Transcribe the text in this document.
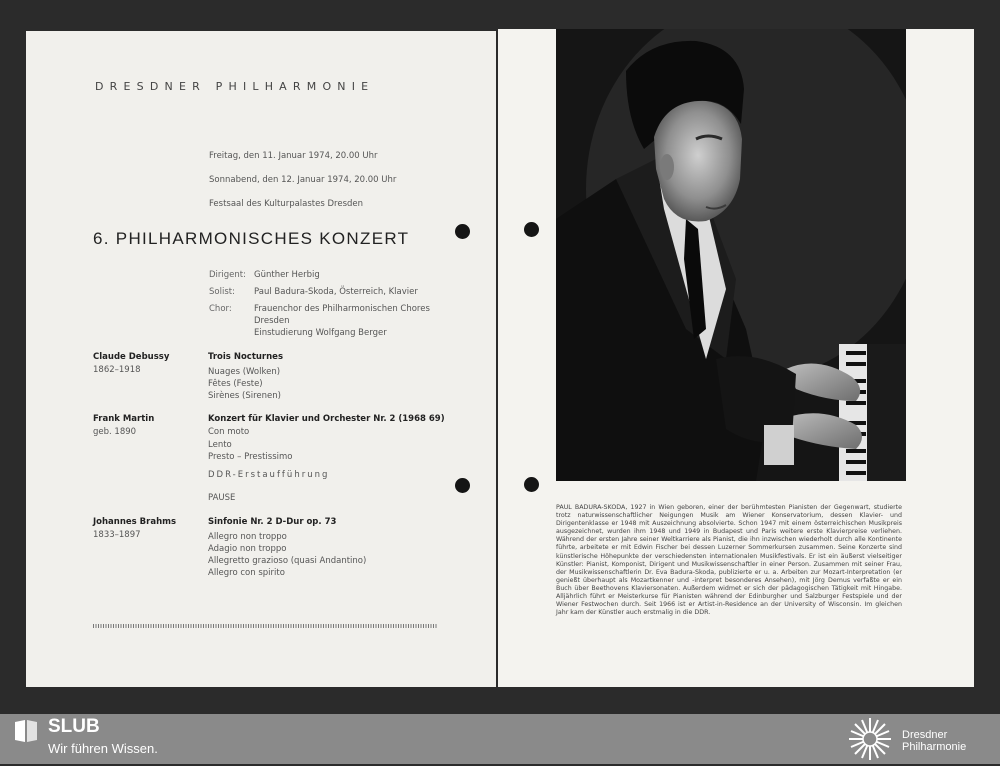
DRESDNER PHILHARMONIE
Freitag, den 11. Januar 1974, 20.00 Uhr
Sonnabend, den 12. Januar 1974, 20.00 Uhr
Festsaal des Kulturpalastes Dresden
6. PHILHARMONISCHES KONZERT
Dirigent: Günther Herbig
Solist: Paul Badura-Skoda, Österreich, Klavier
Chor:	Frauenchor des Philharmonischen Chores
Dresden
Einstudierung Wolfgang Berger
Claude Debussy
1862–1918
Trois Nocturnes
Nuages (Wolken)
Fêtes (Feste)
Sirènes (Sirenen)
Frank Martin
geb. 1890
Konzert für Klavier und Orchester Nr. 2 (1968 69)
Con moto
Lento
Presto – Prestissimo
DDR-Erstaufführung
PAUSE
Johannes Brahms
1833–1897
Sinfonie Nr. 2 D-Dur op. 73
Allegro non troppo
Adagio non troppo
Allegretto grazioso (quasi Andantino)
Allegro con spirito
PAUL BADURA-SKODA, 1927 in Wien geboren, einer der berühmtesten Pianisten der Gegenwart, studierte trotz naturwissenschaftlicher Neigungen Musik am Wiener Konservatorium, dessen Klavier- und Dirigentenklasse er 1948 mit Auszeichnung absolvierte. Schon 1947 mit einem österreichischen Musikpreis ausgezeichnet, wurden ihm 1948 und 1949 in Budapest und Paris weitere erste Klavierpreise verliehen. Während der ersten Jahre seiner Weltkarriere als Pianist, die ihn inzwischen wiederholt durch alle Kontinente führte, arbeitete er mit Edwin Fischer bei dessen Luzerner Sommerkursen zusammen. Seine Konzerte sind künstlerische Höhepunkte der verschiedensten internationalen Musikfestivals. Er ist ein äußerst vielseitiger Künstler: Pianist, Komponist, Dirigent und Musikwissenschaftler in einer Person. Zusammen mit seiner Frau, der Musikwissenschaftlerin Dr. Eva Badura-Skoda, publizierte er u. a. Arbeiten zur Mozart-Interpretation (er genießt überhaupt als Mozartkenner und -interpret besonderes Ansehen), mit Jörg Demus verfaßte er ein Buch über Beethovens Klaviersonaten. Außerdem widmet er sich der pädagogischen Tätigkeit mit Hingabe. Alljährlich führt er Meisterkurse für Pianisten während der Edinburgher und Salzburger Festspiele und der Wiener Festwochen durch. Seit 1966 ist er Artist-in-Residence an der University of Wisconsin. Im gleichen Jahr kam der Künstler auch erstmalig in die DDR.
SLUB
Wir führen Wissen.
Dresdner
Philharmonie
